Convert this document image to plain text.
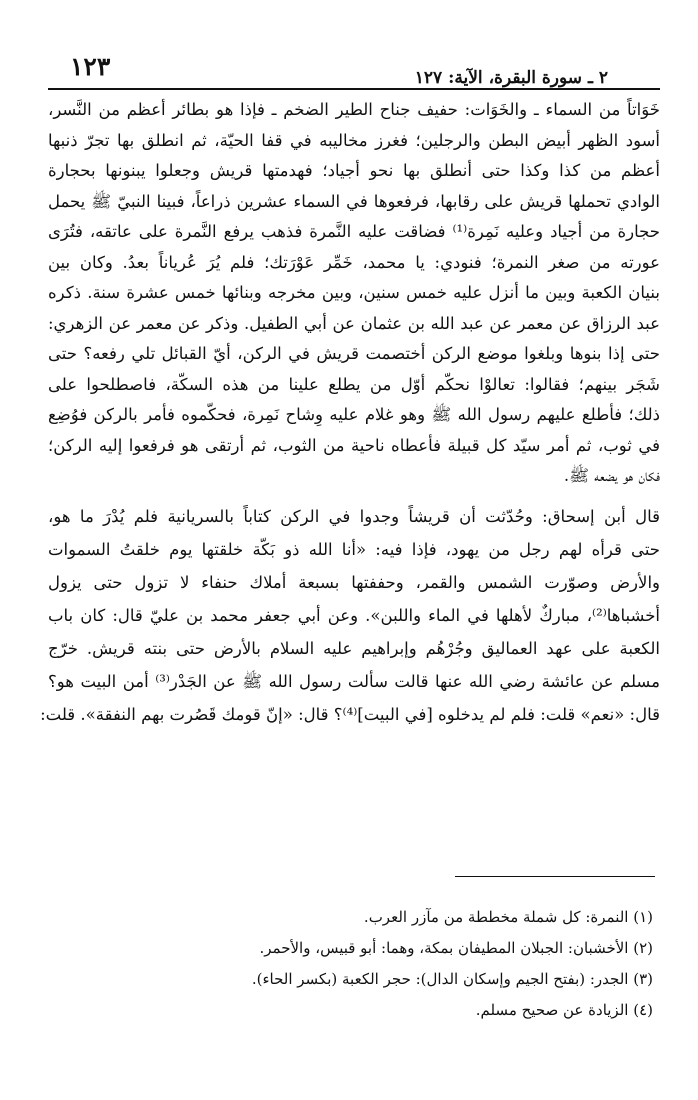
١٢٣	٢ ـ سورة البقرة، الآية: ١٢٧
خَوَاتاً من السماء ـ والخَوَات: حفيف جناح الطير الضخم ـ فإذا هو بطائر أعظم من النَّسر،
أسود الظهر أبيض البطن والرجلين؛ فغرز مخاليبه في قفا الحيّة، ثم انطلق بها تجرّ ذنبها
أعظم من كذا وكذا حتى أنطلق بها نحو أجياد؛ فهدمتها قريش وجعلوا يبنونها بحجارة
الوادي تحملها قريش على رقابها، فرفعوها في السماء عشرين ذراعاً، فبينا النبيّ ﷺ يحمل
حجارة من أجياد وعليه نَمِرة⁽¹⁾ فضاقت عليه النَّمرة فذهب يرفع النَّمرة على عاتقه، فتُرَى
عورته من صغر النمرة؛ فنودي: يا محمد، خَمِّر عَوْرَتك؛ فلم يُرَ عُرياناً بعدُ. وكان بين
بنيان الكعبة وبين ما أنزل عليه خمس سنين، وبين مخرجه وبنائها خمس عشرة سنة. ذكره
عبد الرزاق عن معمر عن عبد الله بن عثمان عن أبي الطفيل. وذكر عن معمر عن الزهري:
حتى إذا بنوها وبلغوا موضع الركن أختصمت قريش في الركن، أيّ القبائل تلي رفعه؟ حتى
شَجَر بينهم؛ فقالوا: تعالوْا نحكّم أوّل من يطلع علينا من هذه السكّة، فاصطلحوا على
ذلك؛ فأطلع عليهم رسول الله ﷺ وهو غلام عليه وِشاح نَمِرة، فحكّموه فأمر بالركن فوُضِع
في ثوب، ثم أمر سيّد كل قبيلة فأعطاه ناحية من الثوب، ثم أرتقى هو فرفعوا إليه الركن؛
فكان هو يضعه ﷺ.
قال أبن إسحاق: وحُدّثت أن قريشاً وجدوا في الركن كتاباً بالسريانية فلم يُدْرَ ما هو،
حتى قرأه لهم رجل من يهود، فإذا فيه: «أنا الله ذو بَكّة خلقتها يوم خلقتُ السموات
والأرض وصوّرت الشمس والقمر، وحففتها بسبعة أملاك حنفاء لا تزول حتى يزول
أخشباها⁽²⁾، مباركٌ لأهلها في الماء واللبن». وعن أبي جعفر محمد بن عليّ قال: كان باب
الكعبة على عهد العماليق وجُرْهُم وإبراهيم عليه السلام بالأرض حتى بنته قريش. خرّج
مسلم عن عائشة رضي الله عنها قالت سألت رسول الله ﷺ عن الجَدْر⁽³⁾ أمن البيت هو؟
قال: «نعم» قلت: فلم لم يدخلوه [في البيت]⁽⁴⁾؟ قال: «إنّ قومك قَصُرت بهم النفقة». قلت:
(١) النمرة: كل شملة مخططة من مآزر العرب.
(٢) الأخشبان: الجبلان المطيفان بمكة، وهما: أبو قبيس، والأحمر.
(٣) الجدر: (بفتح الجيم وإسكان الدال): حجر الكعبة (بكسر الحاء).
(٤) الزيادة عن صحيح مسلم.
